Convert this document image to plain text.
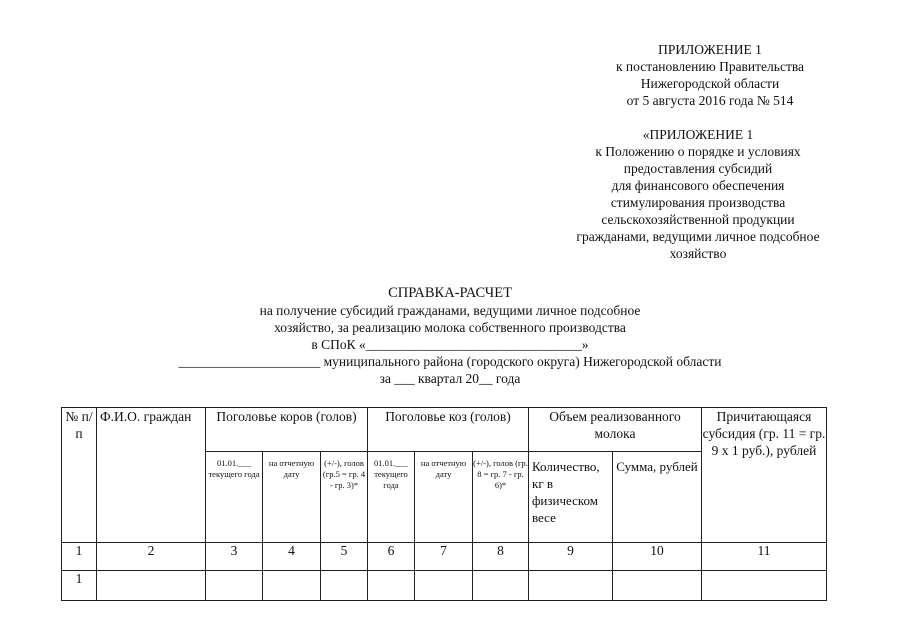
ПРИЛОЖЕНИЕ 1
к постановлению Правительства
Нижегородской области
от 5 августа 2016 года № 514
«ПРИЛОЖЕНИЕ 1
к Положению о порядке и условиях
предоставления субсидий
для финансового обеспечения
стимулирования производства
сельскохозяйственной продукции
гражданами, ведущими личное подсобное
хозяйство
СПРАВКА-РАСЧЕТ
на получение субсидий гражданами, ведущими личное подсобное
хозяйство, за реализацию молока собственного производства
в СПоК «________________________________»
_____________________ муниципального района (городского округа) Нижегородской области
за ___ квартал 20__ года
№ п/п	Ф.И.О. граждан	Поголовье коров (голов)			Поголовье коз (голов)			Объем реализованного молока		Причитающаяся субсидия (гр. 11 = гр. 9 х 1 руб.), рублей
		01.01.___ текущего года	на отчетную дату	(+/-), голов (гр.5 = гр. 4 - гр. 3)*	01.01.___ текущего года	на отчетную дату	(+/-), голов (гр. 8 = гр. 7 - гр. 6)*	Количество, кг в физическом весе	Сумма, рублей	
1	2	3	4	5	6	7	8	9	10	11
1										
